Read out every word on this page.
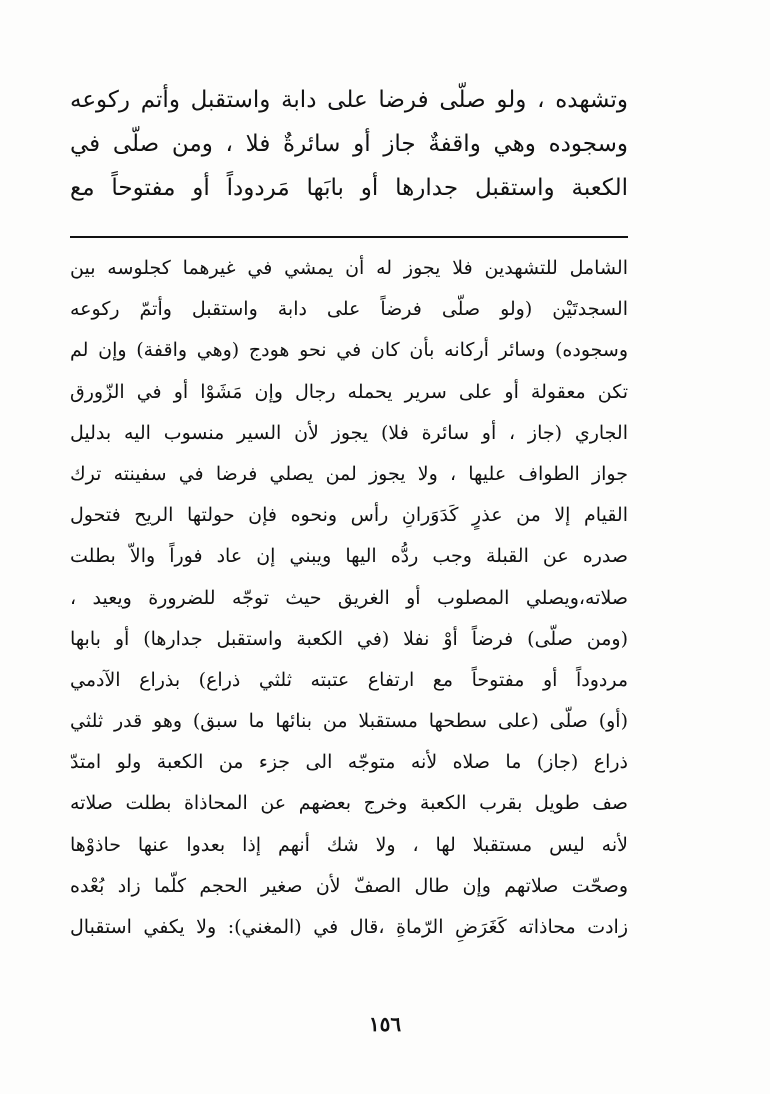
وتشهده ، ولو صلّى فرضا على دابة واستقبل وأتم ركوعه
وسجوده وهي واقفةٌ جاز أو سائرةٌ فلا ، ومن صلّى في
الكعبة واستقبل جدارها أو بابَها مَردوداً أو مفتوحاً مع
الشامل للتشهدين فلا يجوز له أن يمشي في غيرهما كجلوسه بين
السجدتَيْن (ولو صلّى فرضاً على دابة واستقبل وأتمّ ركوعه
وسجوده) وسائر أركانه بأن كان في نحو هودج (وهي واقفة) وإن لم
تكن معقولة أو على سرير يحمله رجال وإن مَشَوْا أو في الزّورق
الجاري (جاز ، أو سائرة فلا) يجوز لأن السير منسوب اليه بدليل
جواز الطواف عليها ، ولا يجوز لمن يصلي فرضا في سفينته ترك
القيام إلا من عذرٍ كَدَوَرانِ رأس ونحوه فإن حولتها الريح فتحول
صدره عن القبلة وجب ردُّه اليها ويبني إن عاد فوراً والاّ بطلت
صلاته،ويصلي المصلوب أو الغريق حيث توجّه للضرورة ويعيد ،
(ومن صلّى) فرضاً أوْ نفلا (في الكعبة واستقبل جدارها) أو بابها
مردوداً أو مفتوحاً مع ارتفاع عتبته ثلثي ذراع) بذراع الآدمي
(أو) صلّى (على سطحها مستقبلا من بنائها ما سبق) وهو قدر ثلثي
ذراع (جاز) ما صلاه لأنه متوجّه الى جزء من الكعبة ولو امتدّ
صف طويل بقرب الكعبة وخرج بعضهم عن المحاذاة بطلت صلاته
لأنه ليس مستقبلا لها ، ولا شك أنهم إذا بعدوا عنها حاذوْها
وصحّت صلاتهم وإن طال الصفّ لأن صغير الحجم كلّما زاد بُعْده
زادت محاذاته كَغَرَضِ الرّماةِ ،قال في (المغني): ولا يكفي استقبال
١٥٦
